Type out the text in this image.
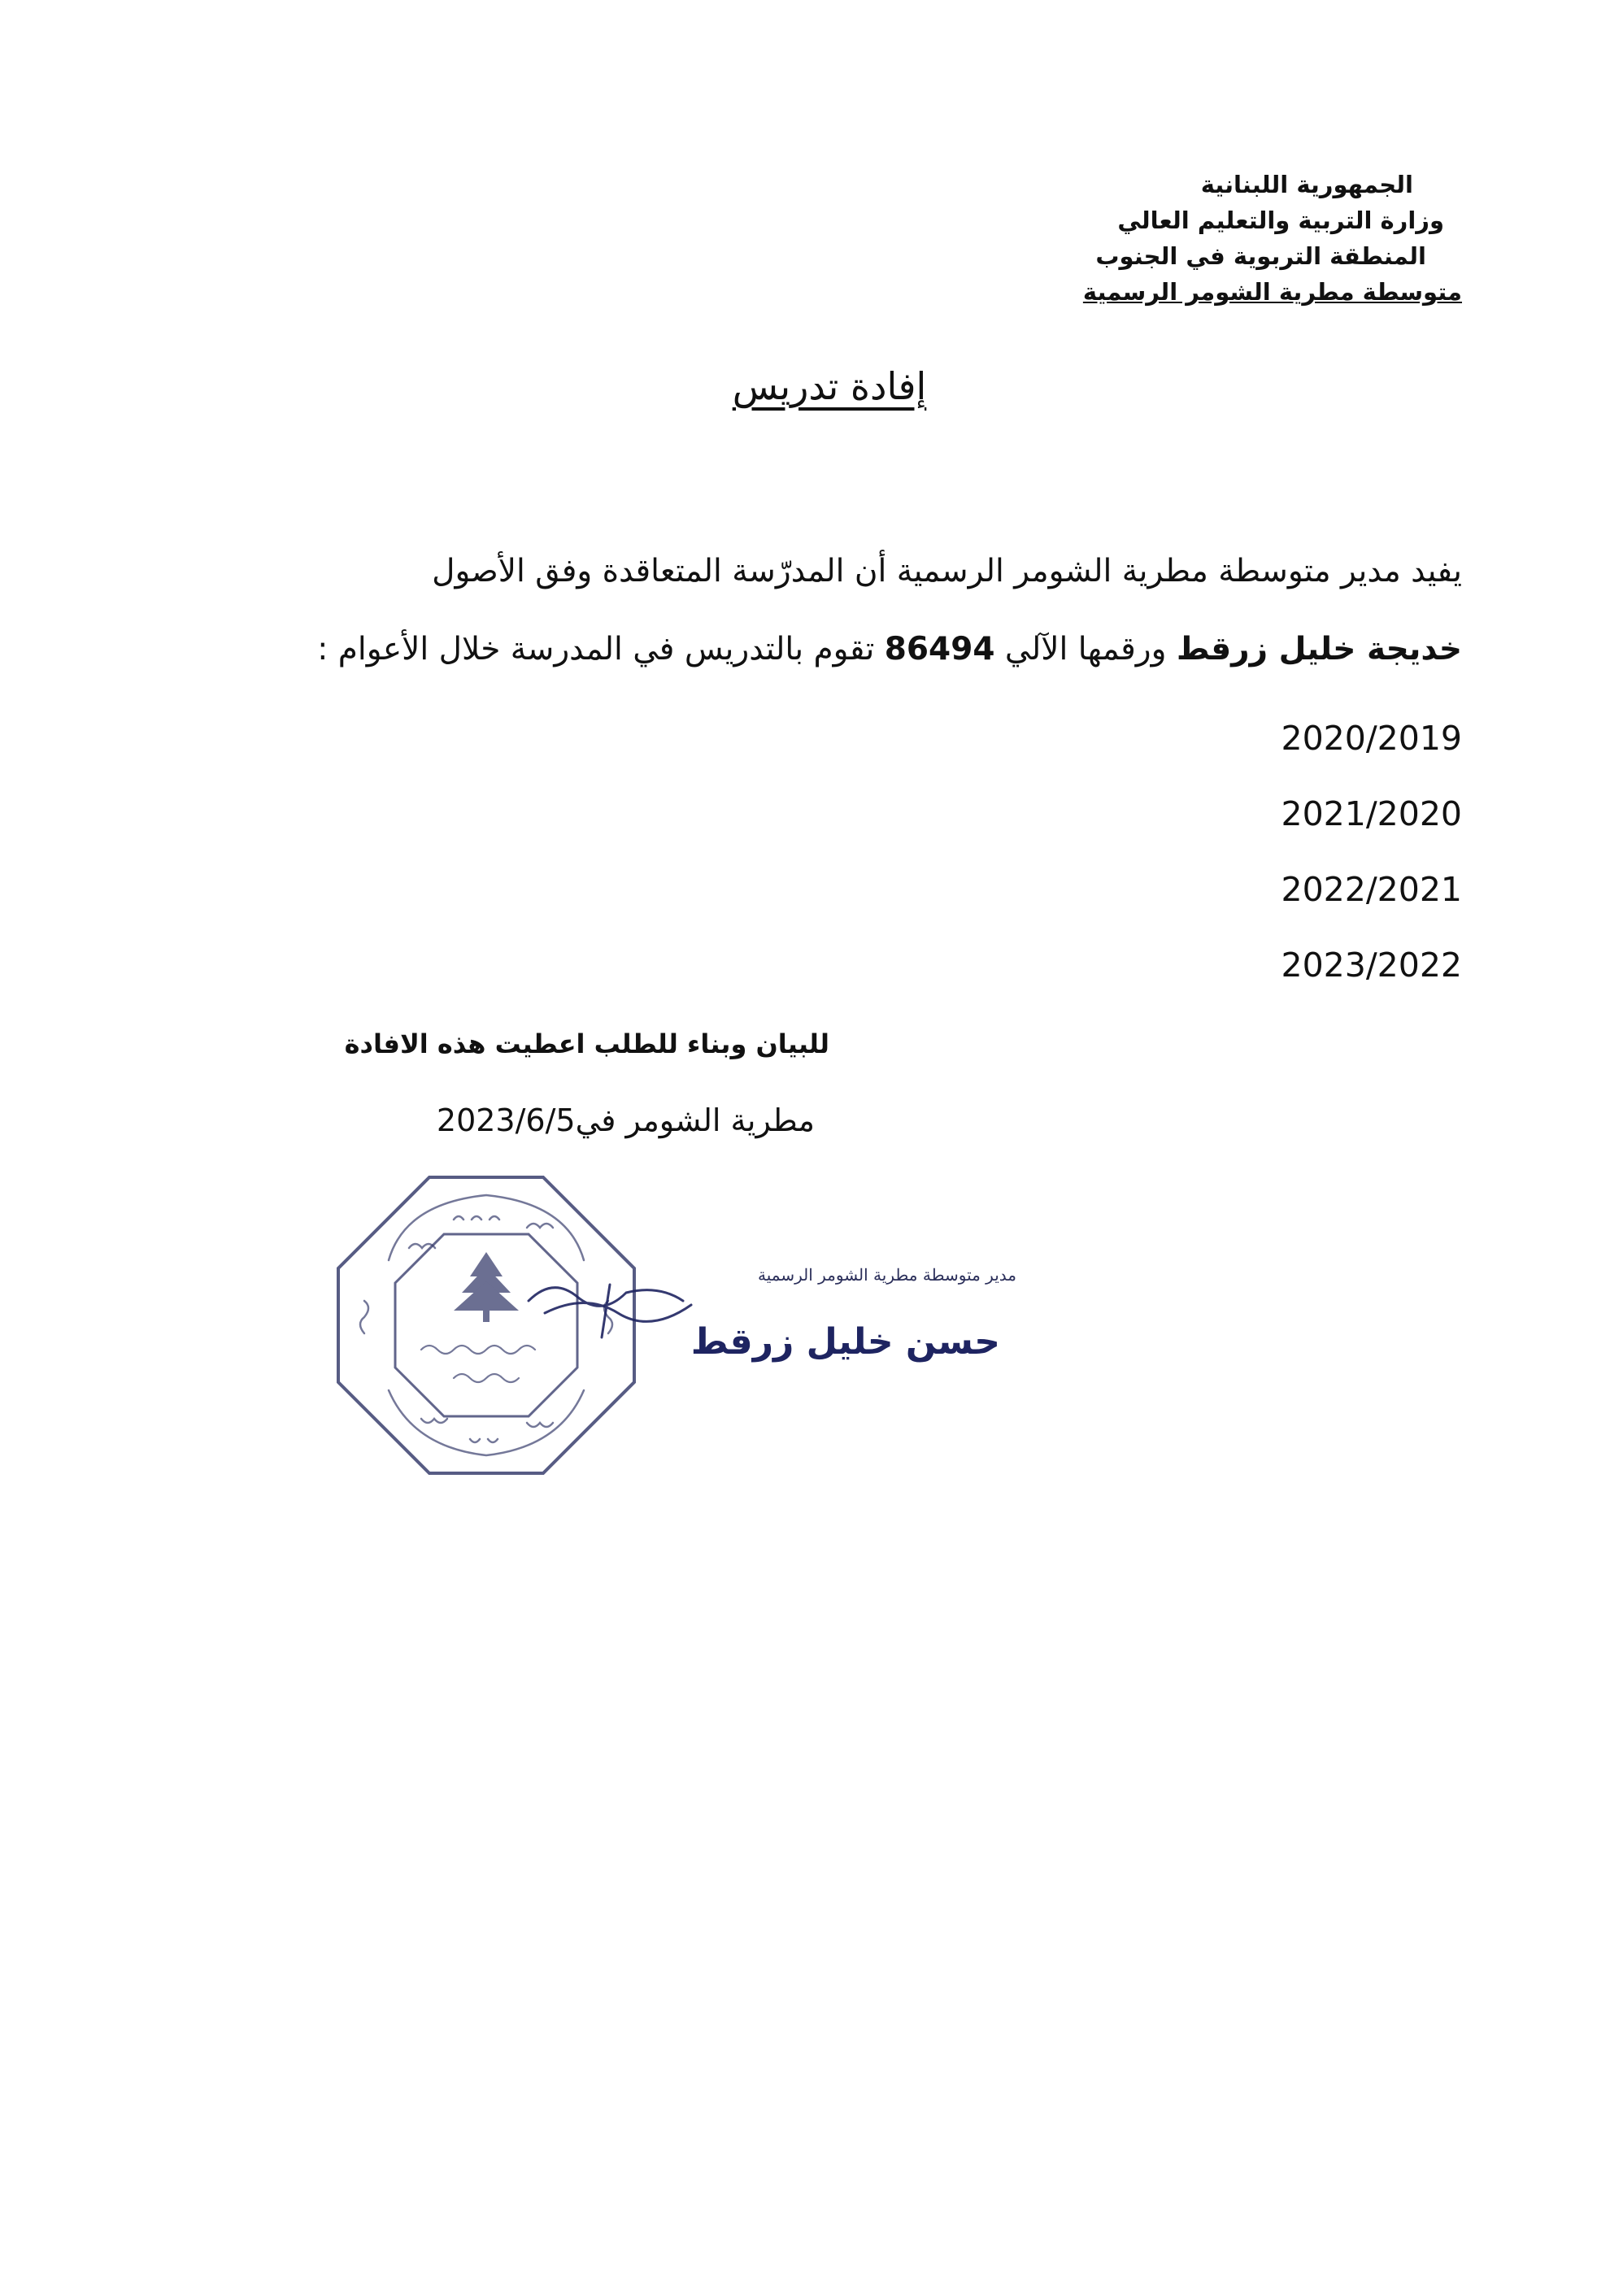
الجمهورية اللبنانية
وزارة التربية والتعليم العالي
المنطقة التربوية في الجنوب
متوسطة مطرية الشومر الرسمية
إفادة تدريس
يفيد مدير متوسطة مطرية الشومر الرسمية أن المدرّسة المتعاقدة وفق الأصول
خديجة خليل زرقط ورقمها الآلي 86494 تقوم بالتدريس في المدرسة خلال الأعوام :
2020/2019
2021/2020
2022/2021
2023/2022
للبيان وبناء للطلب اعطيت هذه الافادة
مطرية الشومر في2023/6/5
مدير متوسطة مطرية الشومر الرسمية
حسن خليل زرقط
